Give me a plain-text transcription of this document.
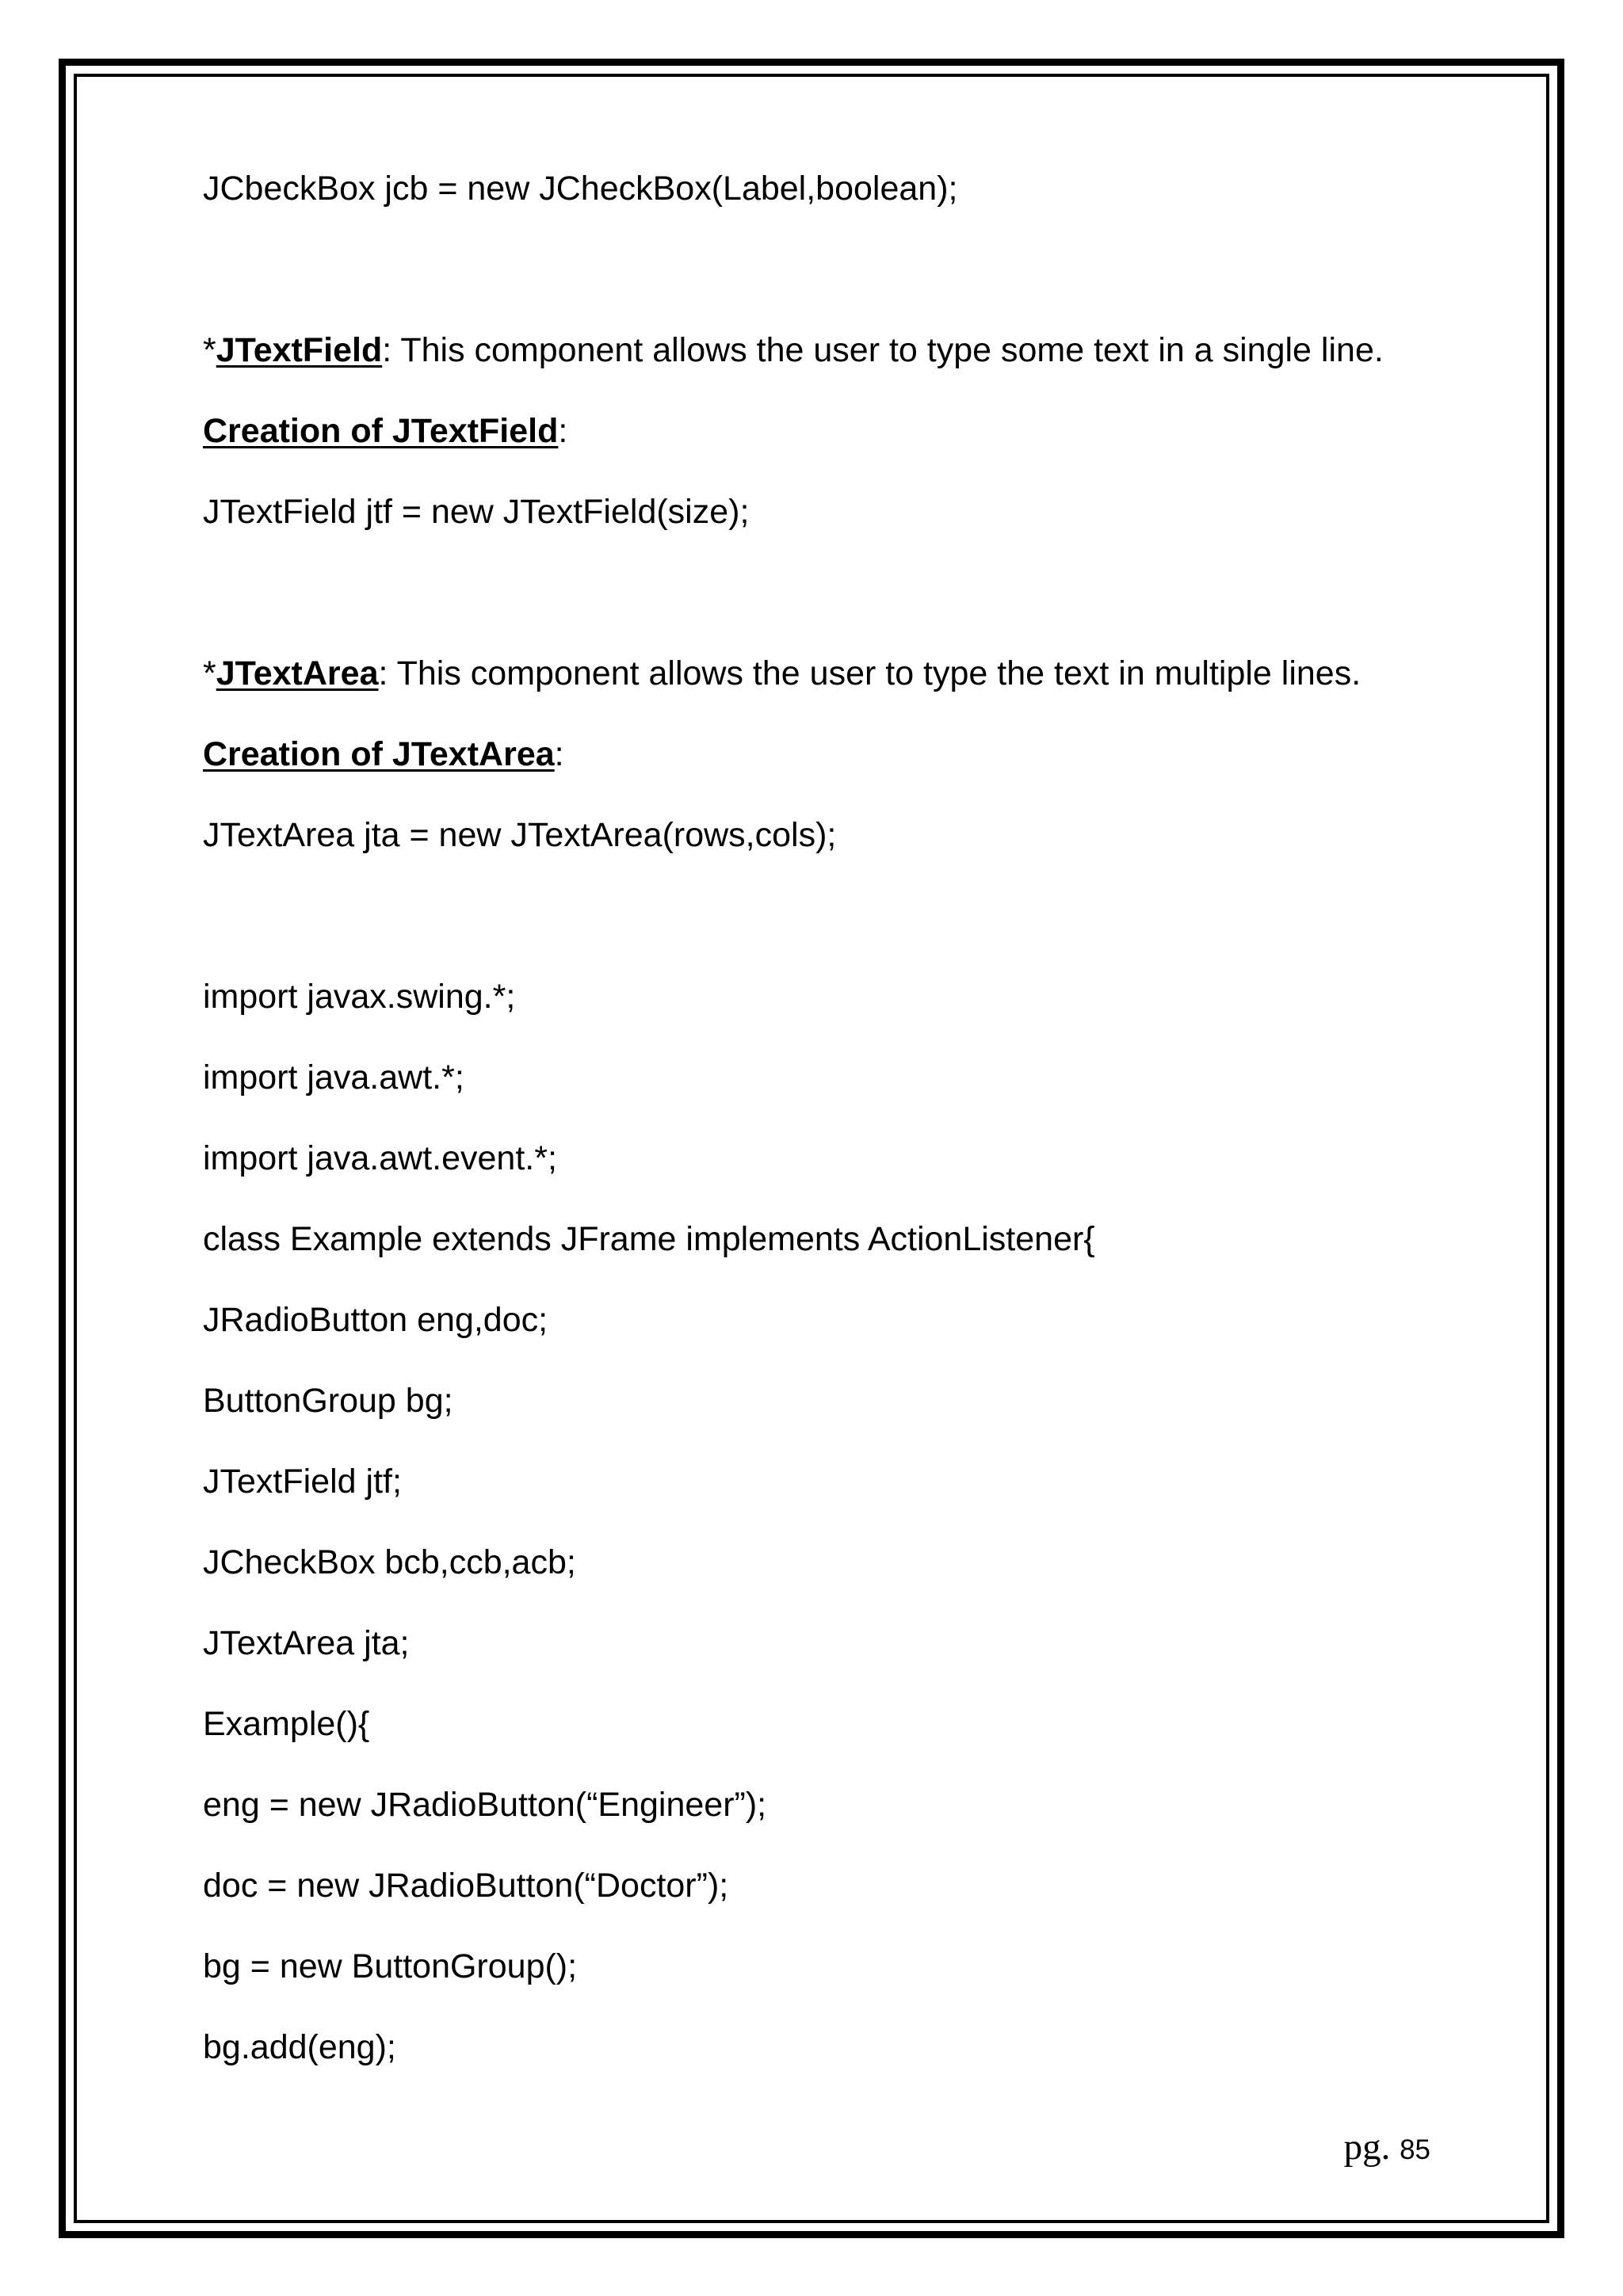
JCbeckBox jcb = new JCheckBox(Label,boolean);
*JTextField: This component allows the user to type some text in a single line.
Creation of JTextField:
JTextField jtf = new JTextField(size);
*JTextArea: This component allows the user to type the text in multiple lines.
Creation of JTextArea:
JTextArea jta = new JTextArea(rows,cols);
import javax.swing.*;
import java.awt.*;
import java.awt.event.*;
class Example extends JFrame implements ActionListener{
JRadioButton eng,doc;
ButtonGroup bg;
JTextField jtf;
JCheckBox bcb,ccb,acb;
JTextArea jta;
Example(){
eng = new JRadioButton(“Engineer”);
doc = new JRadioButton(“Doctor”);
bg = new ButtonGroup();
bg.add(eng);
pg. 85
